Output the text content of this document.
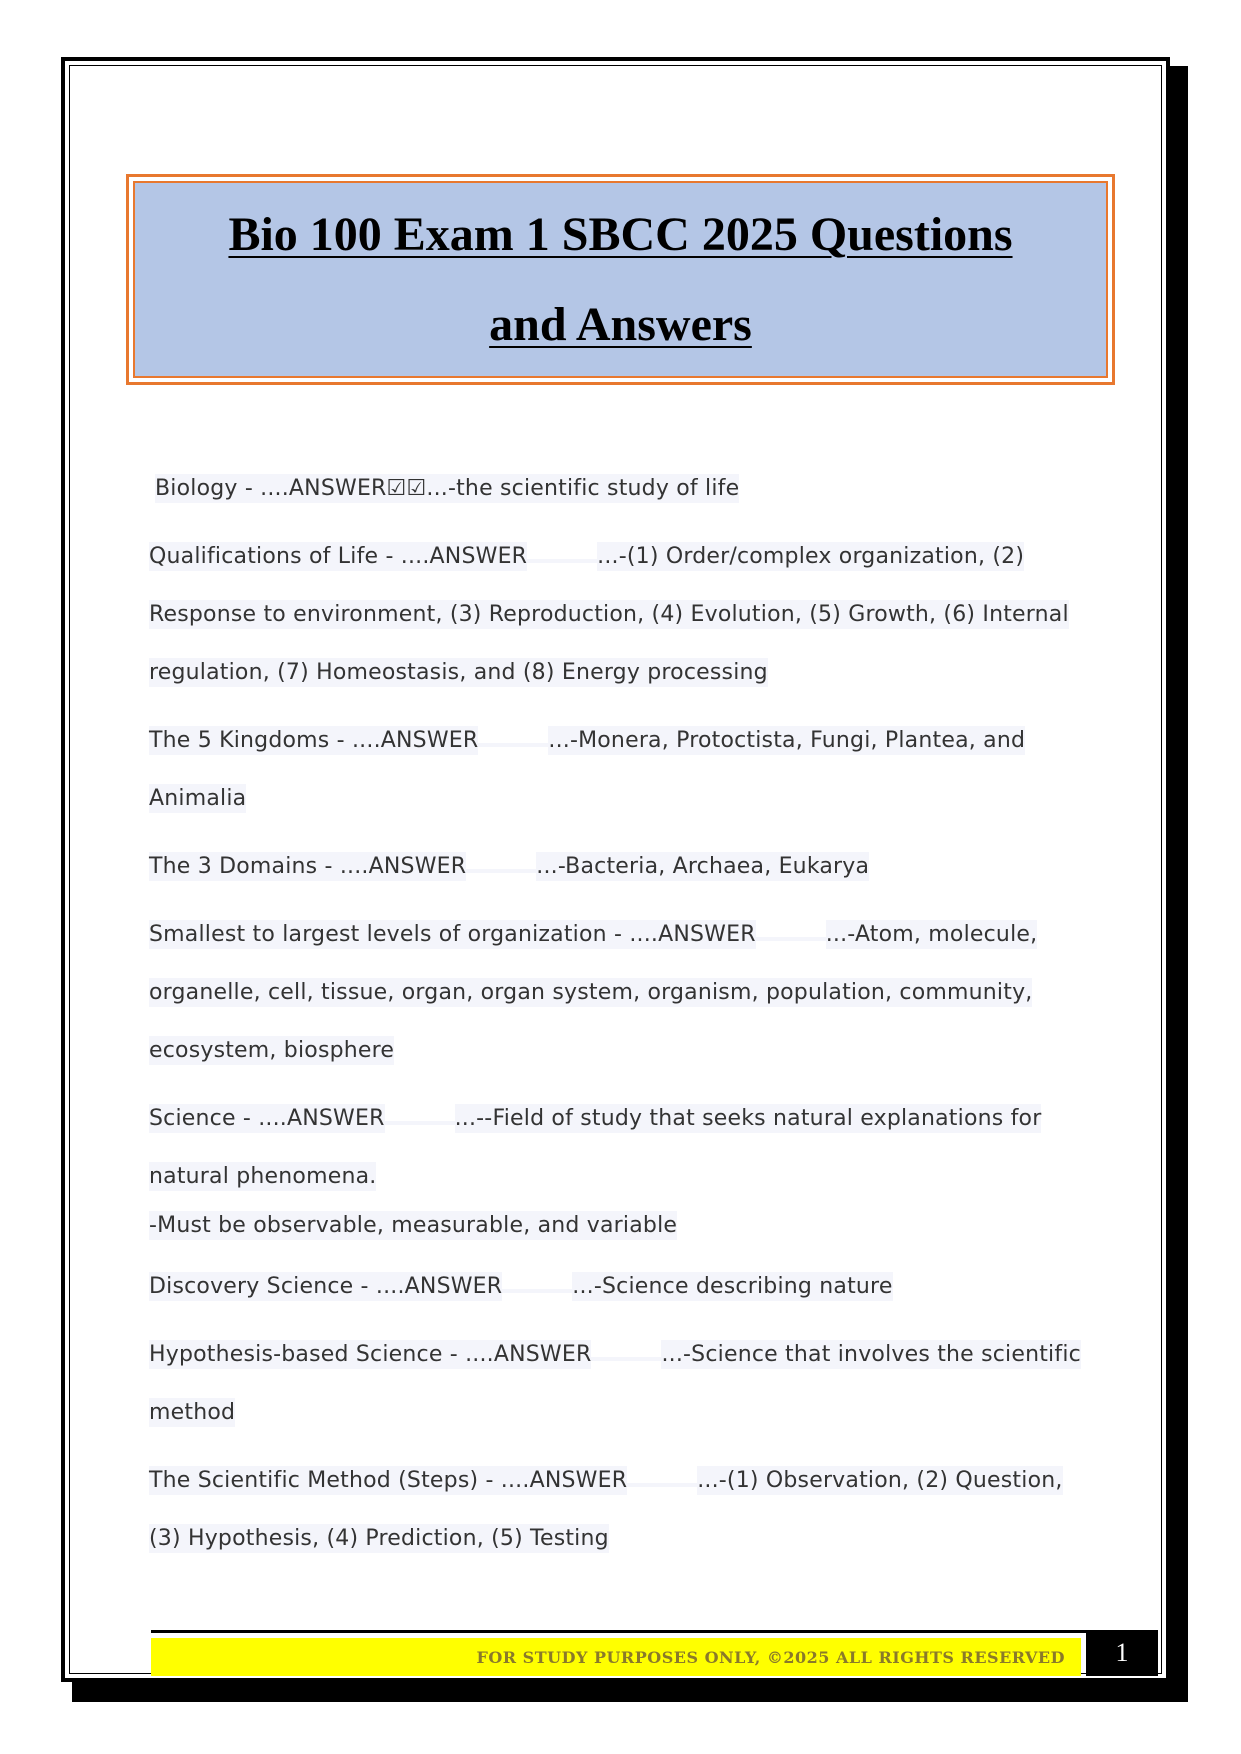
Bio 100 Exam 1 SBCC 2025 Questions
and Answers

Biology - ....ANSWER☑☑...-the scientific study of life

Qualifications of Life - ....ANSWER	...-(1) Order/complex organization, (2) Response to environment, (3) Reproduction, (4) Evolution, (5) Growth, (6) Internal regulation, (7) Homeostasis, and (8) Energy processing

The 5 Kingdoms - ....ANSWER	...-Monera, Protoctista, Fungi, Plantea, and Animalia

The 3 Domains - ....ANSWER	...-Bacteria, Archaea, Eukarya

Smallest to largest levels of organization - ....ANSWER	...-Atom, molecule, organelle, cell, tissue, organ, organ system, organism, population, community, ecosystem, biosphere

Science - ....ANSWER	...--Field of study that seeks natural explanations for natural phenomena.

-Must be observable, measurable, and variable

Discovery Science - ....ANSWER	...-Science describing nature

Hypothesis-based Science - ....ANSWER	...-Science that involves the scientific method

The Scientific Method (Steps) - ....ANSWER	...-(1) Observation, (2) Question, (3) Hypothesis, (4) Prediction, (5) Testing

FOR STUDY PURPOSES ONLY, ©2025 ALL RIGHTS RESERVED 1
